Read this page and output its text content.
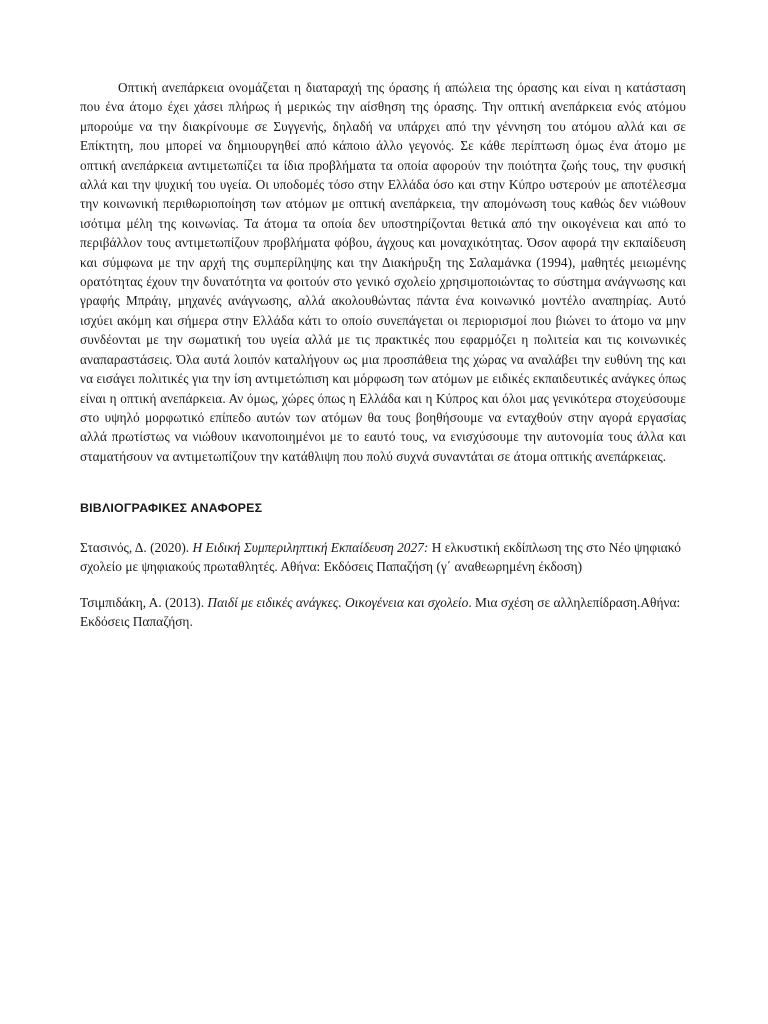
Οπτική ανεπάρκεια ονομάζεται η διαταραχή της όρασης ή απώλεια της όρασης και είναι η κατάσταση που ένα άτομο έχει χάσει πλήρως ή μερικώς την αίσθηση της όρασης. Την οπτική ανεπάρκεια ενός ατόμου μπορούμε να την διακρίνουμε σε Συγγενής, δηλαδή να υπάρχει από την γέννηση του ατόμου αλλά και σε Επίκτητη, που μπορεί να δημιουργηθεί από κάποιο άλλο γεγονός. Σε κάθε περίπτωση όμως ένα άτομο με οπτική ανεπάρκεια αντιμετωπίζει τα ίδια προβλήματα τα οποία αφορούν την ποιότητα ζωής τους, την φυσική αλλά και την ψυχική του υγεία. Οι υποδομές τόσο στην Ελλάδα όσο και στην Κύπρο υστερούν με αποτέλεσμα την κοινωνική περιθωριοποίηση των ατόμων με οπτική ανεπάρκεια, την απομόνωση τους καθώς δεν νιώθουν ισότιμα μέλη της κοινωνίας. Τα άτομα τα οποία δεν υποστηρίζονται θετικά από την οικογένεια και από το περιβάλλον τους αντιμετωπίζουν προβλήματα φόβου, άγχους και μοναχικότητας. Όσον αφορά την εκπαίδευση και σύμφωνα με την αρχή της συμπερίληψης και την Διακήρυξη της Σαλαμάνκα (1994), μαθητές μειωμένης ορατότητας έχουν την δυνατότητα να φοιτούν στο γενικό σχολείο χρησιμοποιώντας το σύστημα ανάγνωσης και γραφής Μπράιγ, μηχανές ανάγνωσης, αλλά ακολουθώντας πάντα ένα κοινωνικό μοντέλο αναπηρίας. Αυτό ισχύει ακόμη και σήμερα στην Ελλάδα κάτι το οποίο συνεπάγεται οι περιορισμοί που βιώνει το άτομο να μην συνδέονται με την σωματική του υγεία αλλά με τις πρακτικές που εφαρμόζει η πολιτεία και τις κοινωνικές αναπαραστάσεις. Όλα αυτά λοιπόν καταλήγουν ως μια προσπάθεια της χώρας να αναλάβει την ευθύνη της και να εισάγει πολιτικές για την ίση αντιμετώπιση και μόρφωση των ατόμων με ειδικές εκπαιδευτικές ανάγκες όπως είναι η οπτική ανεπάρκεια. Αν όμως, χώρες όπως η Ελλάδα και η Κύπρος και όλοι μας γενικότερα στοχεύσουμε στο υψηλό μορφωτικό επίπεδο αυτών των ατόμων θα τους βοηθήσουμε να ενταχθούν στην αγορά εργασίας αλλά πρωτίστως να νιώθουν ικανοποιημένοι με το εαυτό τους, να ενισχύσουμε την αυτονομία τους άλλα και σταματήσουν να αντιμετωπίζουν την κατάθλιψη που πολύ συχνά συναντάται σε άτομα οπτικής ανεπάρκειας.

ΒΙΒΛΙΟΓΡΑΦΙΚΕΣ ΑΝΑΦΟΡΕΣ

Στασινός, Δ. (2020). Η Ειδική Συμπεριληπτική Εκπαίδευση 2027: Η ελκυστική εκδίπλωση της στο Νέο ψηφιακό σχολείο με ψηφιακούς πρωταθλητές. Αθήνα: Εκδόσεις Παπαζήση (γ΄ αναθεωρημένη έκδοση)

Τσιμπιδάκη, Α. (2013). Παιδί με ειδικές ανάγκες. Οικογένεια και σχολείο. Μια σχέση σε αλληλεπίδραση.Αθήνα: Εκδόσεις Παπαζήση.
